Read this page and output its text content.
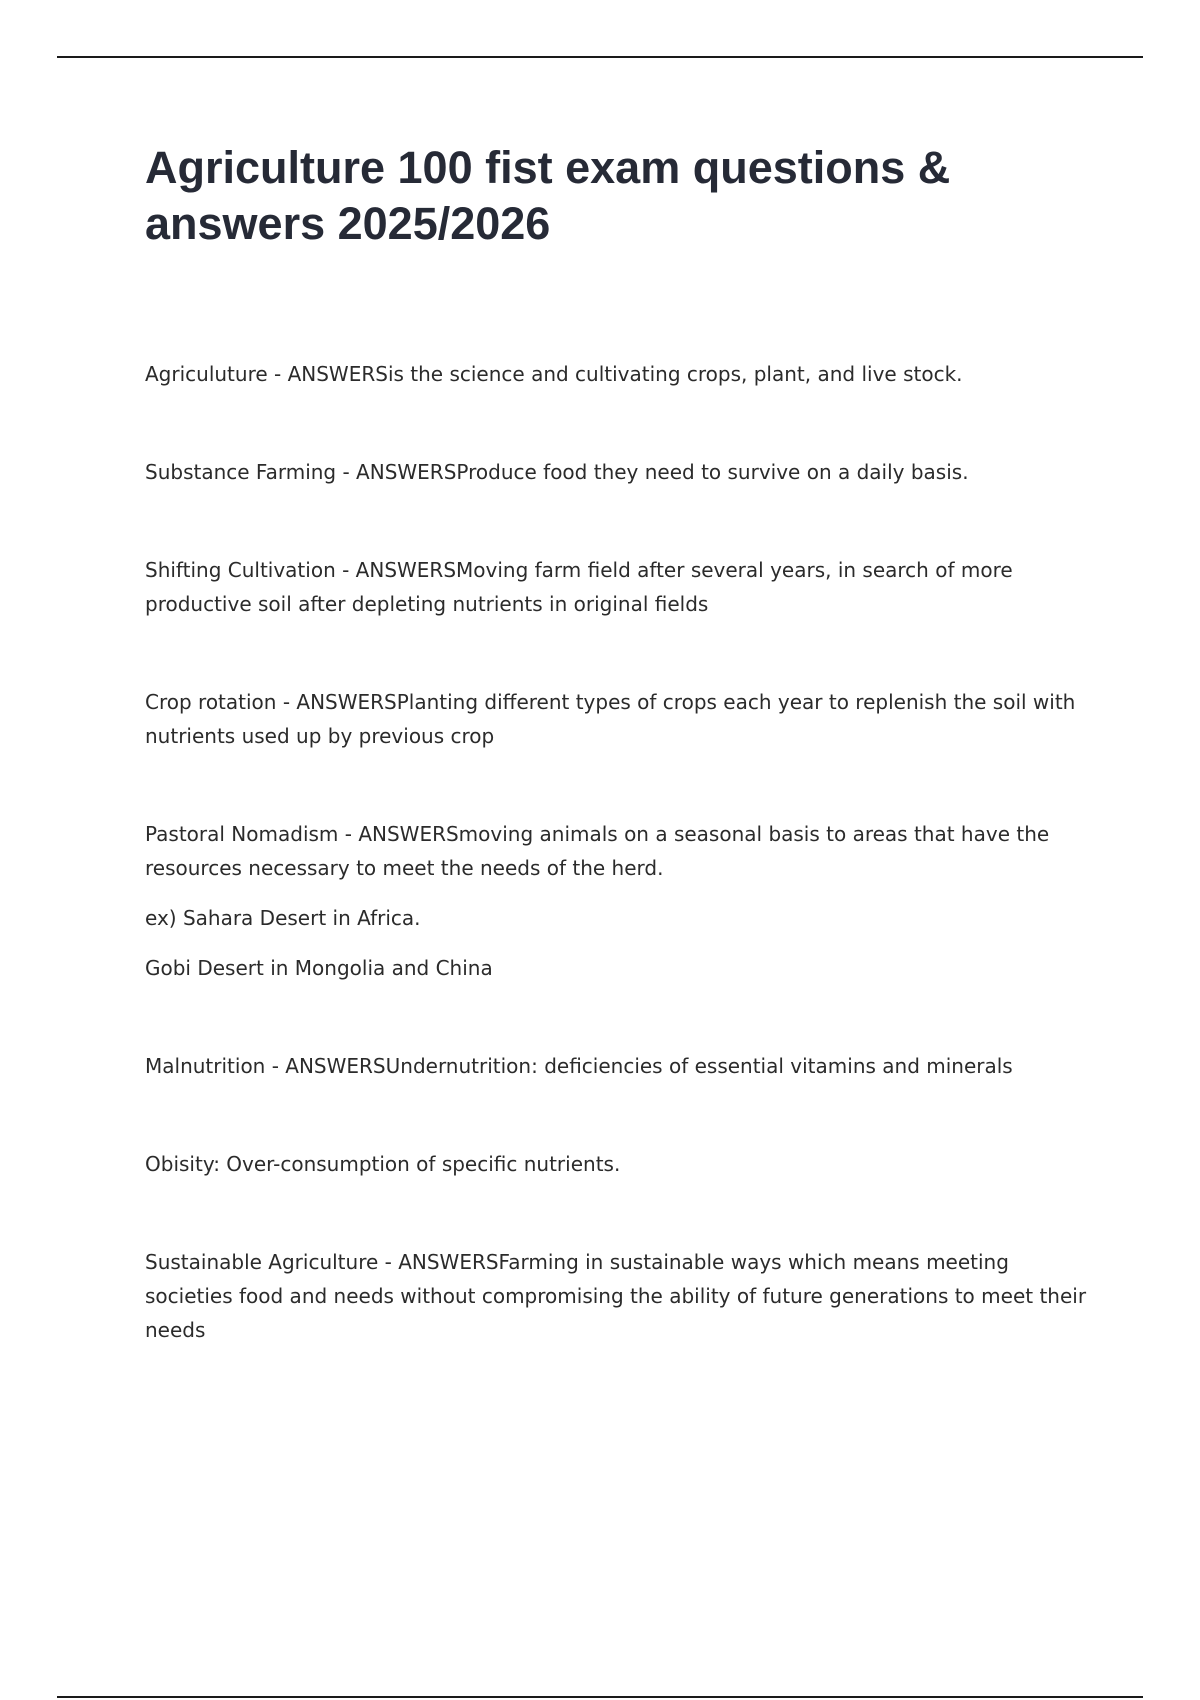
Agriculture 100 fist exam questions & answers 2025/2026

Agriculuture - ANSWERSis the science and cultivating crops, plant, and live stock.

Substance Farming - ANSWERSProduce food they need to survive on a daily basis.

Shifting Cultivation - ANSWERSMoving farm field after several years, in search of more productive soil after depleting nutrients in original fields

Crop rotation - ANSWERSPlanting different types of crops each year to replenish the soil with nutrients used up by previous crop

Pastoral Nomadism - ANSWERSmoving animals on a seasonal basis to areas that have the resources necessary to meet the needs of the herd.

ex) Sahara Desert in Africa.

Gobi Desert in Mongolia and China

Malnutrition - ANSWERSUndernutrition: deficiencies of essential vitamins and minerals

Obisity: Over-consumption of specific nutrients.

Sustainable Agriculture - ANSWERSFarming in sustainable ways which means meeting societies food and needs without compromising the ability of future generations to meet their needs
